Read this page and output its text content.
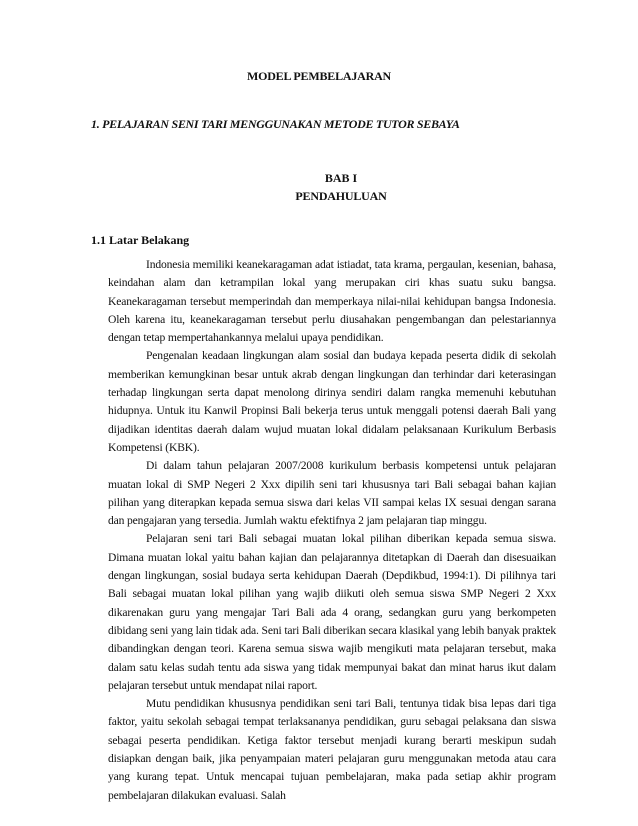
MODEL PEMBELAJARAN
1. PELAJARAN SENI TARI MENGGUNAKAN METODE TUTOR SEBAYA
BAB I
PENDAHULUAN
1.1 Latar Belakang

Indonesia memiliki keanekaragaman adat istiadat, tata krama, pergaulan, kesenian, bahasa, keindahan alam dan ketrampilan lokal yang merupakan ciri khas suatu suku bangsa. Keanekaragaman tersebut memperindah dan memperkaya nilai-nilai kehidupan bangsa Indonesia. Oleh karena itu, keanekaragaman tersebut perlu diusahakan pengembangan dan pelestariannya dengan tetap mempertahankannya melalui upaya pendidikan.

Pengenalan keadaan lingkungan alam sosial dan budaya kepada peserta didik di sekolah memberikan kemungkinan besar untuk akrab dengan lingkungan dan terhindar dari keterasingan terhadap lingkungan serta dapat menolong dirinya sendiri dalam rangka memenuhi kebutuhan hidupnya. Untuk itu Kanwil Propinsi Bali bekerja terus untuk menggali potensi daerah Bali yang dijadikan identitas daerah dalam wujud muatan lokal didalam pelaksanaan Kurikulum Berbasis Kompetensi (KBK).

Di dalam tahun pelajaran 2007/2008 kurikulum berbasis kompetensi untuk pelajaran muatan lokal di SMP Negeri 2 Xxx dipilih seni tari khususnya tari Bali sebagai bahan kajian pilihan yang diterapkan kepada semua siswa dari kelas VII sampai kelas IX sesuai dengan sarana dan pengajaran yang tersedia. Jumlah waktu efektifnya 2 jam pelajaran tiap minggu.

Pelajaran seni tari Bali sebagai muatan lokal pilihan diberikan kepada semua siswa. Dimana muatan lokal yaitu bahan kajian dan pelajarannya ditetapkan di Daerah dan disesuaikan dengan lingkungan, sosial budaya serta kehidupan Daerah (Depdikbud, 1994:1). Di pilihnya tari Bali sebagai muatan lokal pilihan yang wajib diikuti oleh semua siswa SMP Negeri 2 Xxx dikarenakan guru yang mengajar Tari Bali ada 4 orang, sedangkan guru yang berkompeten dibidang seni yang lain tidak ada. Seni tari Bali diberikan secara klasikal yang lebih banyak praktek dibandingkan dengan teori. Karena semua siswa wajib mengikuti mata pelajaran tersebut, maka dalam satu kelas sudah tentu ada siswa yang tidak mempunyai bakat dan minat harus ikut dalam pelajaran tersebut untuk mendapat nilai raport.

Mutu pendidikan khususnya pendidikan seni tari Bali, tentunya tidak bisa lepas dari tiga faktor, yaitu sekolah sebagai tempat terlaksananya pendidikan, guru sebagai pelaksana dan siswa sebagai peserta pendidikan. Ketiga faktor tersebut menjadi kurang berarti meskipun sudah disiapkan dengan baik, jika penyampaian materi pelajaran guru menggunakan metoda atau cara yang kurang tepat. Untuk mencapai tujuan pembelajaran, maka pada setiap akhir program pembelajaran dilakukan evaluasi. Salah
